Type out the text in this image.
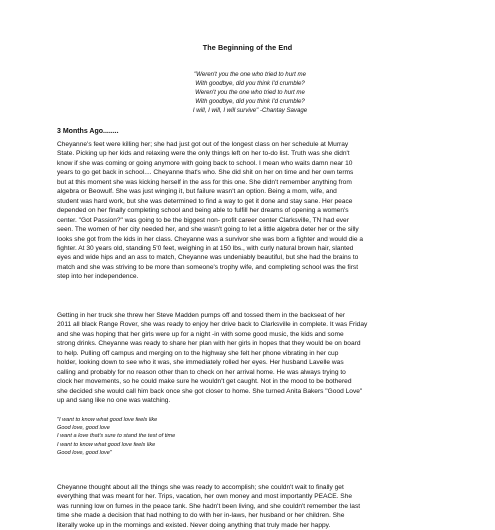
The Beginning of the End
"Weren't you the one who tried to hurt me
With goodbye, did you think I'd crumble?
Weren't you the one who tried to hurt me
With goodbye, did you think I'd crumble?
I will, I will, I will survive" -Chantay Savage
3 Months Ago........
Cheyanne's feet were killing her; she had just got out of the longest class on her schedule at Murray
State. Picking up her kids and relaxing were the only things left on her to-do list. Truth was she didn't
know if she was coming or going anymore with going back to school. I mean who waits damn near 10
years to go get back in school.... Cheyanne that's who. She did shit on her on time and her own terms
but at this moment she was kicking herself in the ass for this one. She didn't remember anything from
algebra or Beowulf. She was just winging it, but failure wasn't an option. Being a mom, wife, and
student was hard work, but she was determined to find a way to get it done and stay sane. Her peace
depended on her finally completing school and being able to fulfill her dreams of opening a women's
center. "Got Passion?" was going to be the biggest non- profit career center Clarksville, TN had ever
seen. The women of her city needed her, and she wasn't going to let a little algebra deter her or the silly
looks she got from the kids in her class. Cheyanne was a survivor she was born a fighter and would die a
fighter. At 30 years old, standing 5'0 feet, weighing in at 150 lbs., with curly natural brown hair, slanted
eyes and wide hips and an ass to match, Cheyanne was undeniably beautiful, but she had the brains to
match and she was striving to be more than someone's trophy wife, and completing school was the first
step into her independence.
Getting in her truck she threw her Steve Madden pumps off and tossed them in the backseat of her
2011 all black Range Rover, she was ready to enjoy her drive back to Clarksville in complete. It was Friday
and she was hoping that her girls were up for a night -in with some good music, the kids and some
strong drinks. Cheyanne was ready to share her plan with her girls in hopes that they would be on board
to help. Pulling off campus and merging on to the highway she felt her phone vibrating in her cup
holder, looking down to see who it was, she immediately rolled her eyes. Her husband Lavelle was
calling and probably for no reason other than to check on her arrival home. He was always trying to
clock her movements, so he could make sure he wouldn't get caught. Not in the mood to be bothered
she decided she would call him back once she got closer to home. She turned Anita Bakers "Good Love"
up and sang like no one was watching.
"I want to know what good love feels like
Good love, good love
I want a love that's sure to stand the test of time
I want to know what good love feels like
Good love, good love"
Cheyanne thought about all the things she was ready to accomplish; she couldn't wait to finally get
everything that was meant for her. Trips, vacation, her own money and most importantly PEACE. She
was running low on fumes in the peace tank. She hadn't been living, and she couldn't remember the last
time she made a decision that had nothing to do with her in-laws, her husband or her children. She
literally woke up in the mornings and existed. Never doing anything that truly made her happy.
